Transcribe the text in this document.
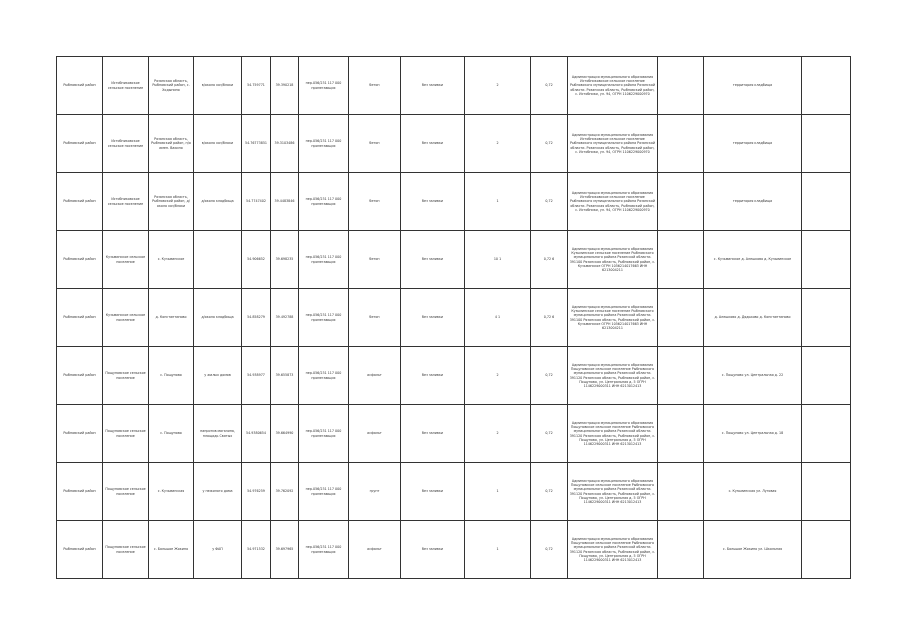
Рыбновский район	Истобниковское сельское поселение	Рязанская область, Рыбновский район, с. Ходынино	в/около хоз/блоки	54.759771	39.390218	пер.056/231 117 000 прилегающих	бетон	без заливки	2	0,72	Администрация муниципального образования Истобниковское сельское поселение Рыбновского муниципального района Рязанской области. Рязанская область, Рыбновский район, с. Истобники, ул. 94, ОГРН 1106229000970		территория кладбища	
Рыбновский район	Истобниковское сельское поселение	Рязанская область, Рыбновский район, п/о имен. Вакино	в/около хоз/блоки	54.76773851	39.3103486	пер.056/231 117 000 прилегающих	бетон	без заливки	2	0,72	Администрация муниципального образования Истобниковское сельское поселение Рыбновского муниципального района Рязанской области. Рязанская область, Рыбновский район, с. Истобники, ул. 94, ОГРН 1106229000970		территория кладбища	
Рыбновский район	Истобниковское сельское поселение	Рязанская область, Рыбновский район, д/около хоз/блоки	д/около кладбища	54.7747402	39.4483846	пер.056/231 117 000 прилегающих	бетон	без заливки	1	0,72	Администрация муниципального образования Истобниковское сельское поселение Рыбновского муниципального района Рязанской области. Рязанская область, Рыбновский район, с. Истобники, ул. 94, ОГРН 1106229000970		территория кладбища	
Рыбновский район	Кузьминское сельское поселение	с. Кузьминское		54.906652	39.698235	пер.056/231 117 000 прилегающих	бетон	без заливки	10 1	0,72 6	Администрация муниципального образования Кузьминское сельское поселение Рыбновского муниципального района Рязанской области. 391100 Рязанская область, Рыбновский район, с. Кузьминское ОГРН 1056214017663 ИНН 6213004211		с. Кузьминское д. Алешково д. Кузьминское	
Рыбновский район	Кузьминское сельское поселение	д. Константиново	д/около кладбища	54.858279	39.492788	пер.056/231 117 000 прилегающих	бетон	без заливки	4 1	0,72 6	Администрация муниципального образования Кузьминское сельское поселение Рыбновского муниципального района Рязанской области. 391100 Рязанская область, Рыбновский район, с. Кузьминское ОГРН 1056214017663 ИНН 6213004211		д. Алешково д. Дядьково д. Константиново	
Рыбновский район	Пощуповское сельское поселение	с. Пощупово	у жилых домов	54.938977	39.655873	пер.056/231 117 000 прилегающих	асфальт	без заливки	2	0,72	Администрация муниципального образования Пощуповское сельское поселение Рыбновского муниципального района Рязанской области. 391120 Рязанская область, Рыбновский район, с. Пощупово, ул. Центральная д. 5 ОГРН 1146229000311 ИНН 6213012413		с. Пощупово ул. Центральная д. 22	
Рыбновский район	Пощуповское сельское поселение	с. Пощупово	напротив магазина, площадь Святых	54.9380654	39.664990	пер.056/231 117 000 прилегающих	асфальт	без заливки	2	0,72	Администрация муниципального образования Пощуповское сельское поселение Рыбновского муниципального района Рязанской области. 391120 Рязанская область, Рыбновский район, с. Пощупово, ул. Центральная д. 5 ОГРН 1146229000311 ИНН 6213012413		с. Пощупово ул. Центральная д. 18	
Рыбновский район	Пощуповское сельское поселение	с. Кузьминская	у нежилого дома	54.976259	39.762092	пер.056/231 117 000 прилегающих	грунт	без заливки	1	0,72	Администрация муниципального образования Пощуповское сельское поселение Рыбновского муниципального района Рязанской области. 391120 Рязанская область, Рыбновский район, с. Пощупово, ул. Центральная д. 5 ОГРН 1146229000311 ИНН 6213012413		с. Кузьминская ул. Луговая	
Рыбновский район	Пощуповское сельское поселение	с. Большое Жокино	у ФАП	54.971532	39.697965	пер.056/231 117 000 прилегающих	асфальт	без заливки	1	0,72	Администрация муниципального образования Пощуповское сельское поселение Рыбновского муниципального района Рязанской области. 391120 Рязанская область, Рыбновский район, с. Пощупово, ул. Центральная д. 5 ОГРН 1146229000311 ИНН 6213012413		с. Большое Жокино ул. Школьная	
